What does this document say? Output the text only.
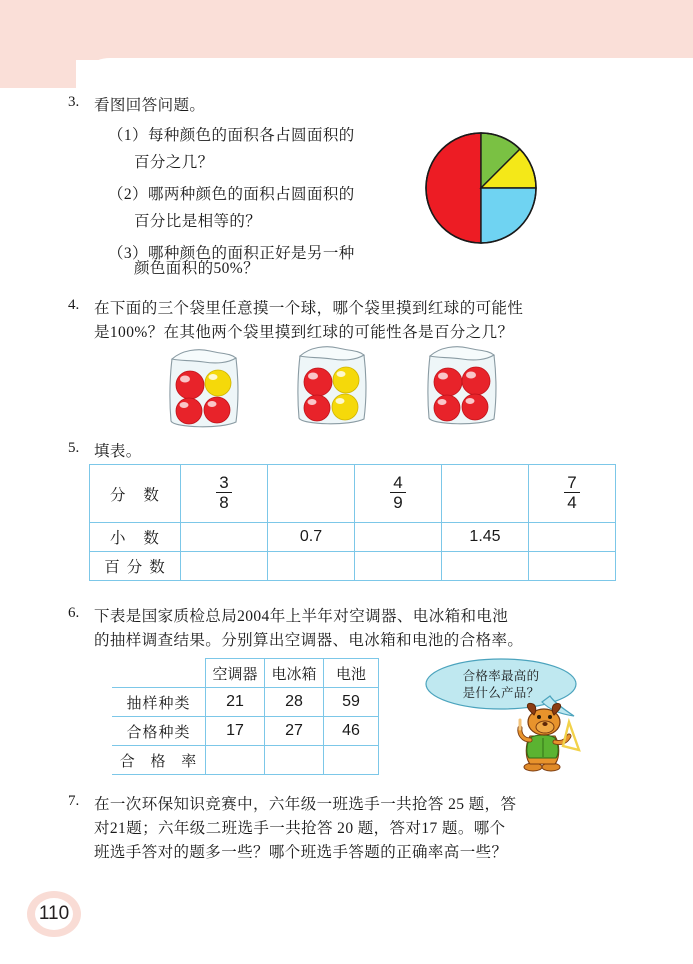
110
3. 看图回答问题。
（1）每种颜色的面积各占圆面积的
百分之几？
（2）哪两种颜色的面积占圆面积的
百分比是相等的？
（3）哪种颜色的面积正好是另一种
颜色面积的50%？
4. 在下面的三个袋里任意摸一个球，哪个袋里摸到红球的可能性
是100%？在其他两个袋里摸到红球的可能性各是百分之几？
5. 填表。
分 数	$\frac{3}{8}$		$\frac{4}{9}$		$\frac{7}{4}$

小 数		0.7		1.45	
百分数					
6. 下表是国家质检总局2004年上半年对空调器、电冰箱和电池
的抽样调查结果。分别算出空调器、电冰箱和电池的合格率。
	空调器	电冰箱	电池
抽样种类	21	28	59
合格种类	17	27	46
合 格 率			
合格率最高的
是什么产品？
7. 在一次环保知识竞赛中，六年级一班选手一共抢答 25 题，答
对21题；六年级二班选手一共抢答 20 题，答对17 题。哪个
班选手答对的题多一些？哪个班选手答题的正确率高一些？
